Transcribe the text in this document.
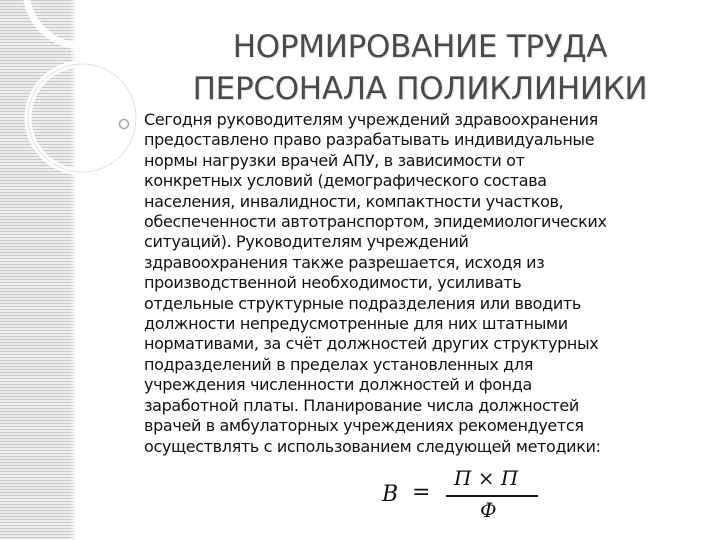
НОРМИРОВАНИЕ ТРУДА
ПЕРСОНАЛА ПОЛИКЛИНИКИ
Сегодня руководителям учреждений здравоохранения
предоставлено право разрабатывать индивидуальные
нормы нагрузки врачей АПУ, в зависимости от
конкретных условий (демографического состава
населения, инвалидности, компактности участков,
обеспеченности автотранспортом, эпидемиологических
ситуаций). Руководителям учреждений
здравоохранения также разрешается, исходя из
производственной необходимости, усиливать
отдельные структурные подразделения или вводить
должности непредусмотренные для них штатными
нормативами, за счёт должностей других структурных
подразделений в пределах установленных для
учреждения численности должностей и фонда
заработной платы. Планирование числа должностей
врачей в амбулаторных учреждениях рекомендуется
осуществлять с использованием следующей методики:
B =
П × П
Ф
